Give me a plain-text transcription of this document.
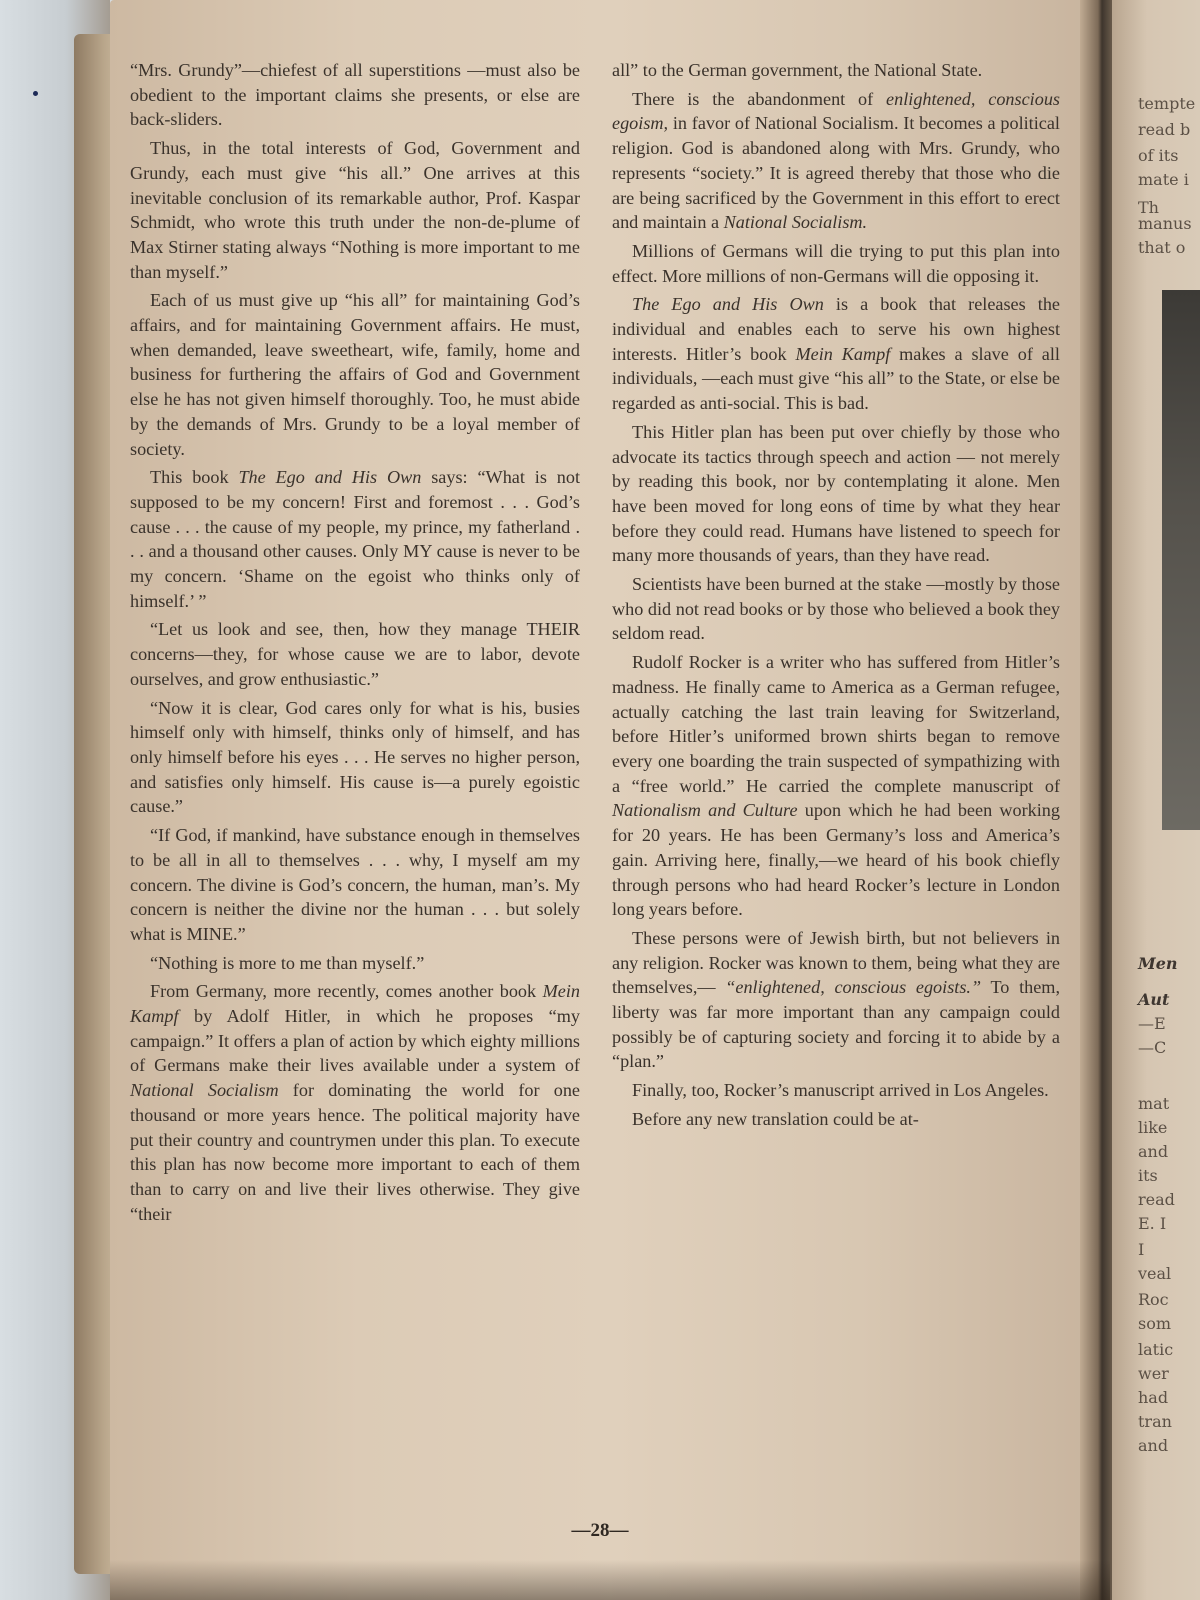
“Mrs. Grundy”—chiefest of all superstitions —must also be obedient to the important claims she presents, or else are back-sliders.

Thus, in the total interests of God, Government and Grundy, each must give “his all.” One arrives at this inevitable conclusion of its remarkable author, Prof. Kaspar Schmidt, who wrote this truth under the non-de-plume of Max Stirner stating always “Nothing is more important to me than myself.”

Each of us must give up “his all” for maintaining God’s affairs, and for maintaining Government affairs. He must, when demanded, leave sweetheart, wife, family, home and business for furthering the affairs of God and Government else he has not given himself thoroughly. Too, he must abide by the demands of Mrs. Grundy to be a loyal member of society.

This book The Ego and His Own says: “What is not supposed to be my concern! First and foremost . . . God’s cause . . . the cause of my people, my prince, my fatherland . . . and a thousand other causes. Only MY cause is never to be my concern. ‘Shame on the egoist who thinks only of himself.’ ”

“Let us look and see, then, how they manage THEIR concerns—they, for whose cause we are to labor, devote ourselves, and grow enthusiastic.”

“Now it is clear, God cares only for what is his, busies himself only with himself, thinks only of himself, and has only himself before his eyes . . . He serves no higher person, and satisfies only himself. His cause is—a purely egoistic cause.”

“If God, if mankind, have substance enough in themselves to be all in all to themselves . . . why, I myself am my concern. The divine is God’s concern, the human, man’s. My concern is neither the divine nor the human . . . but solely what is MINE.”

“Nothing is more to me than myself.”

From Germany, more recently, comes another book Mein Kampf by Adolf Hitler, in which he proposes “my campaign.” It offers a plan of action by which eighty millions of Germans make their lives available under a system of National Socialism for dominating the world for one thousand or more years hence. The political majority have put their country and countrymen under this plan. To execute this plan has now become more important to each of them than to carry on and live their lives otherwise. They give “their

all” to the German government, the National State.

There is the abandonment of enlightened, conscious egoism, in favor of National Socialism. It becomes a political religion. God is abandoned along with Mrs. Grundy, who represents “society.” It is agreed thereby that those who die are being sacrificed by the Government in this effort to erect and maintain a National Socialism.

Millions of Germans will die trying to put this plan into effect. More millions of non-Germans will die opposing it.

The Ego and His Own is a book that releases the individual and enables each to serve his own highest interests. Hitler’s book Mein Kampf makes a slave of all individuals, —each must give “his all” to the State, or else be regarded as anti-social. This is bad.

This Hitler plan has been put over chiefly by those who advocate its tactics through speech and action — not merely by reading this book, nor by contemplating it alone. Men have been moved for long eons of time by what they hear before they could read. Humans have listened to speech for many more thousands of years, than they have read.

Scientists have been burned at the stake —mostly by those who did not read books or by those who believed a book they seldom read.

Rudolf Rocker is a writer who has suffered from Hitler’s madness. He finally came to America as a German refugee, actually catching the last train leaving for Switzerland, before Hitler’s uniformed brown shirts began to remove every one boarding the train suspected of sympathizing with a “free world.” He carried the complete manuscript of Nationalism and Culture upon which he had been working for 20 years. He has been Germany’s loss and America’s gain. Arriving here, finally,—we heard of his book chiefly through persons who had heard Rocker’s lecture in London long years before.

These persons were of Jewish birth, but not believers in any religion. Rocker was known to them, being what they are themselves,— “enlightened, conscious egoists.” To them, liberty was far more important than any campaign could possibly be of capturing society and forcing it to abide by a “plan.”

Finally, too, Rocker’s manuscript arrived in Los Angeles.

Before any new translation could be at-

tempte
read b
of its
mate i
Th
manus
that o
Men
Aut
—E
—C
mat
like
and
its
read
E. I
I
veal
Roc
som
latic
wer
had
tran
and
—28—
